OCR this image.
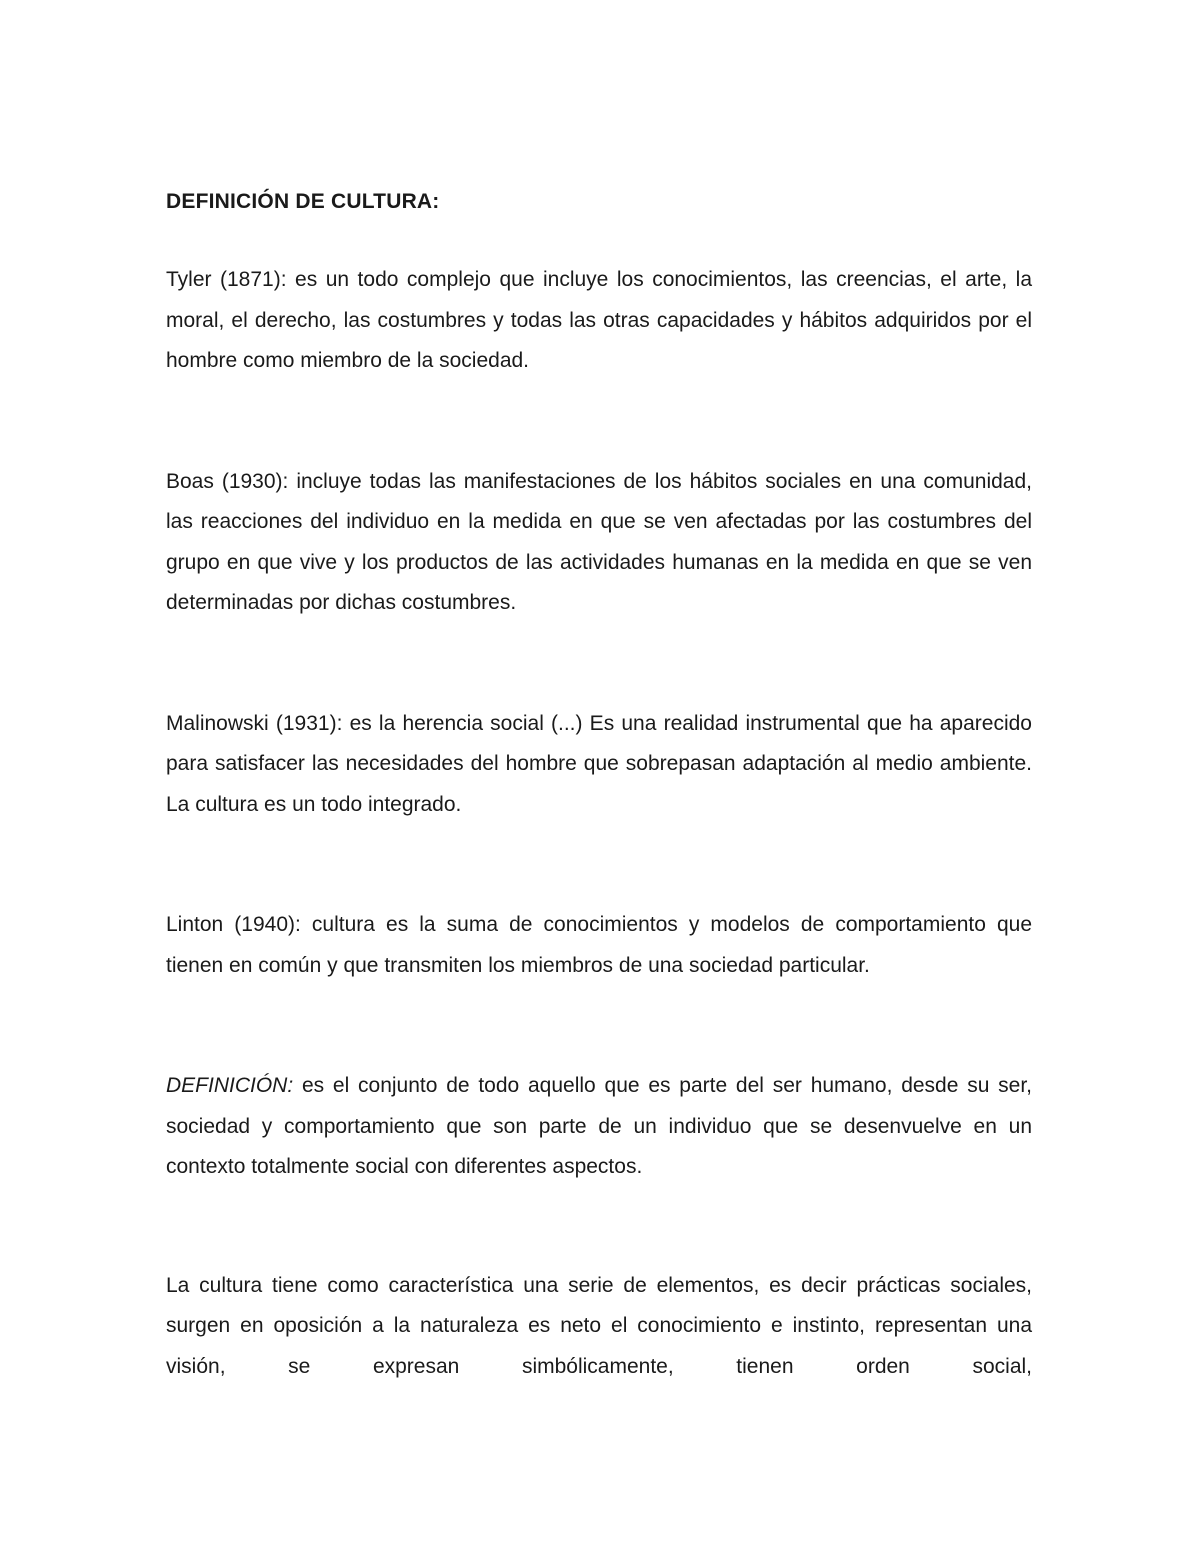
DEFINICIÓN DE CULTURA:

Tyler (1871): es un todo complejo que incluye los conocimientos, las creencias, el arte, la moral, el derecho, las costumbres y todas las otras capacidades y hábitos adquiridos por el hombre como miembro de la sociedad.

Boas (1930): incluye todas las manifestaciones de los hábitos sociales en una comunidad, las reacciones del individuo en la medida en que se ven afectadas por las costumbres del grupo en que vive y los productos de las actividades humanas en la medida en que se ven determinadas por dichas costumbres.

Malinowski (1931): es la herencia social (...) Es una realidad instrumental que ha aparecido para satisfacer las necesidades del hombre que sobrepasan adaptación al medio ambiente. La cultura es un todo integrado.

Linton (1940): cultura es la suma de conocimientos y modelos de comportamiento que tienen en común y que transmiten los miembros de una sociedad particular.

DEFINICIÓN: es el conjunto de todo aquello que es parte del ser humano, desde su ser, sociedad y comportamiento que son parte de un individuo que se desenvuelve en un contexto totalmente social con diferentes aspectos.

La cultura tiene como característica una serie de elementos, es decir prácticas sociales, surgen en oposición a la naturaleza es neto el conocimiento e instinto, representan una visión, se expresan simbólicamente, tienen orden social,
